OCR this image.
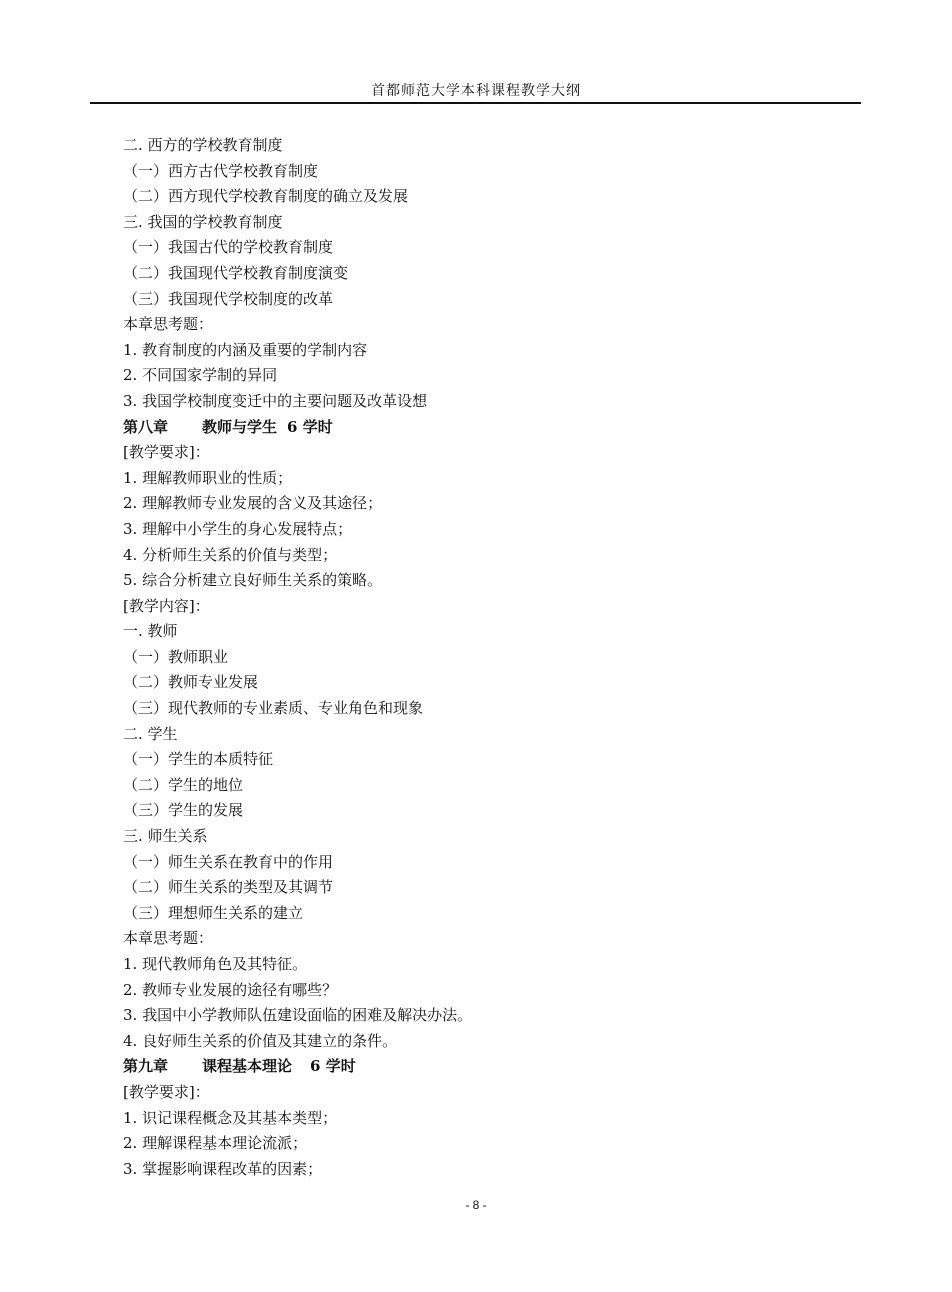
首都师范大学本科课程教学大纲
二. 西方的学校教育制度
（一）西方古代学校教育制度
（二）西方现代学校教育制度的确立及发展
三. 我国的学校教育制度
（一）我国古代的学校教育制度
（二）我国现代学校教育制度演变
（三）我国现代学校制度的改革
本章思考题：
1. 教育制度的内涵及重要的学制内容
2. 不同国家学制的异同
3. 我国学校制度变迁中的主要问题及改革设想
第八章 教师与学生 6 学时
[教学要求]：
1. 理解教师职业的性质；
2. 理解教师专业发展的含义及其途径；
3. 理解中小学生的身心发展特点；
4. 分析师生关系的价值与类型；
5. 综合分析建立良好师生关系的策略。
[教学内容]：
一. 教师
（一）教师职业
（二）教师专业发展
（三）现代教师的专业素质、专业角色和现象
二. 学生
（一）学生的本质特征
（二）学生的地位
（三）学生的发展
三. 师生关系
（一）师生关系在教育中的作用
（二）师生关系的类型及其调节
（三）理想师生关系的建立
本章思考题：
1. 现代教师角色及其特征。
2. 教师专业发展的途径有哪些？
3. 我国中小学教师队伍建设面临的困难及解决办法。
4. 良好师生关系的价值及其建立的条件。
第九章 课程基本理论 6 学时
[教学要求]：
1. 识记课程概念及其基本类型；
2. 理解课程基本理论流派；
3. 掌握影响课程改革的因素；
- 8 -
